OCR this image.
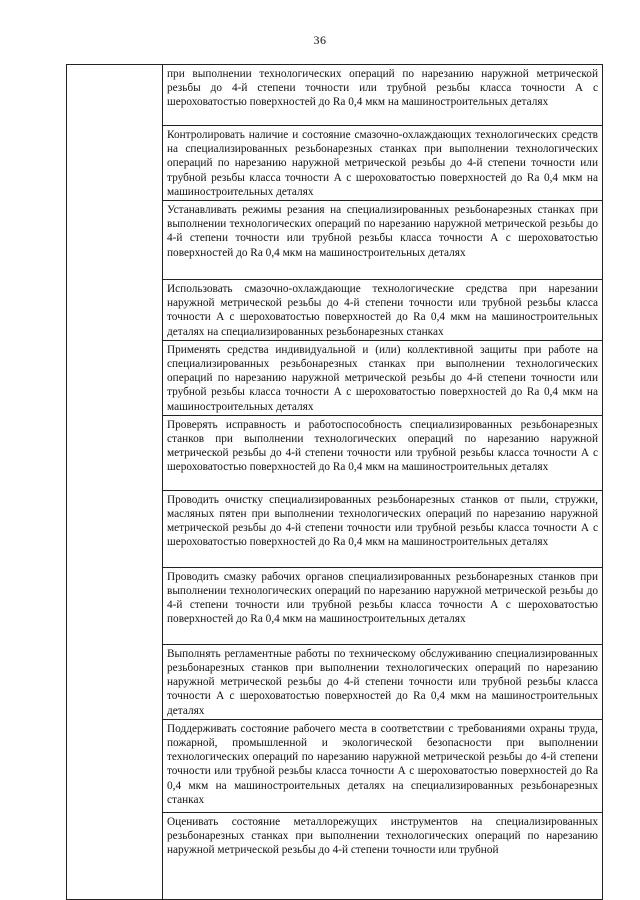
36

при выполнении технологических операций по нарезанию наружной метрической резьбы до 4-й степени точности или трубной резьбы класса точности А с шероховатостью поверхностей до Ra 0,4 мкм на машиностроительных деталях

Контролировать наличие и состояние смазочно-охлаждающих технологических средств на специализированных резьбонарезных станках при выполнении технологических операций по нарезанию наружной метрической резьбы до 4-й степени точности или трубной резьбы класса точности А с шероховатостью поверхностей до Ra 0,4 мкм на машиностроительных деталях

Устанавливать режимы резания на специализированных резьбонарезных станках при выполнении технологических операций по нарезанию наружной метрической резьбы до 4-й степени точности или трубной резьбы класса точности А с шероховатостью поверхностей до Ra 0,4 мкм на машиностроительных деталях

Использовать смазочно-охлаждающие технологические средства при нарезании наружной метрической резьбы до 4-й степени точности или трубной резьбы класса точности А с шероховатостью поверхностей до Ra 0,4 мкм на машиностроительных деталях на специализированных резьбонарезных станках

Применять средства индивидуальной и (или) коллективной защиты при работе на специализированных резьбонарезных станках при выполнении технологических операций по нарезанию наружной метрической резьбы до 4-й степени точности или трубной резьбы класса точности А с шероховатостью поверхностей до Ra 0,4 мкм на машиностроительных деталях

Проверять исправность и работоспособность специализированных резьбонарезных станков при выполнении технологических операций по нарезанию наружной метрической резьбы до 4-й степени точности или трубной резьбы класса точности А с шероховатостью поверхностей до Ra 0,4 мкм на машиностроительных деталях

Проводить очистку специализированных резьбонарезных станков от пыли, стружки, масляных пятен при выполнении технологических операций по нарезанию наружной метрической резьбы до 4-й степени точности или трубной резьбы класса точности А с шероховатостью поверхностей до Ra 0,4 мкм на машиностроительных деталях

Проводить смазку рабочих органов специализированных резьбонарезных станков при выполнении технологических операций по нарезанию наружной метрической резьбы до 4-й степени точности или трубной резьбы класса точности А с шероховатостью поверхностей до Ra 0,4 мкм на машиностроительных деталях

Выполнять регламентные работы по техническому обслуживанию специализированных резьбонарезных станков при выполнении технологических операций по нарезанию наружной метрической резьбы до 4-й степени точности или трубной резьбы класса точности А с шероховатостью поверхностей до Ra 0,4 мкм на машиностроительных деталях

Поддерживать состояние рабочего места в соответствии с требованиями охраны труда, пожарной, промышленной и экологической безопасности при выполнении технологических операций по нарезанию наружной метрической резьбы до 4-й степени точности или трубной резьбы класса точности А с шероховатостью поверхностей до Ra 0,4 мкм на машиностроительных деталях на специализированных резьбонарезных станках

Оценивать состояние металлорежущих инструментов на специализированных резьбонарезных станках при выполнении технологических операций по нарезанию наружной метрической резьбы до 4-й степени точности или трубной
